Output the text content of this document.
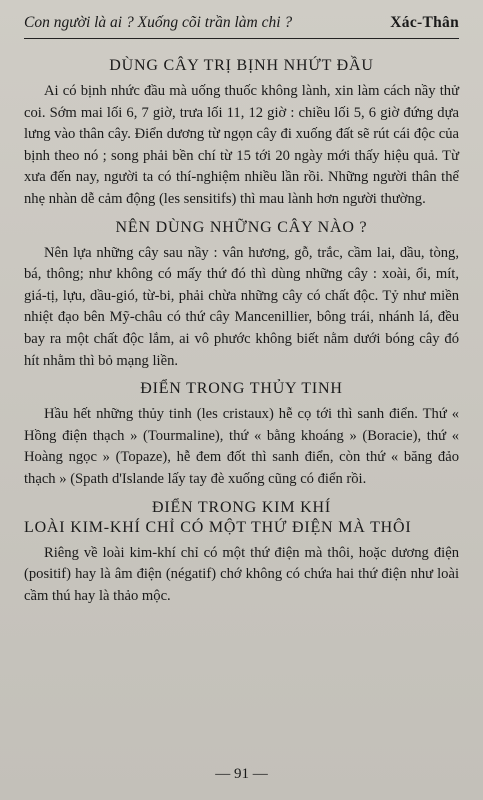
Con người là ai ? Xuống cõi trần làm chi ?	Xác-Thân
DÙNG CÂY TRỊ BỊNH NHỨT ĐẦU

Ai có bịnh nhức đầu mà uống thuốc không lành, xin làm cách nầy thử coi. Sớm mai lối 6, 7 giờ, trưa lối 11, 12 giờ : chiều lối 5, 6 giờ đứng dựa lưng vào thân cây. Điển dương từ ngọn cây đi xuống đất sẽ rút cái độc của bịnh theo nó ; song phải bền chí từ 15 tới 20 ngày mới thấy hiệu quả. Từ xưa đến nay, người ta có thí-nghiệm nhiều lần rồi. Những người thân thể nhẹ nhàn dễ cảm động (les sensitifs) thì mau lành hơn người thường.

NÊN DÙNG NHỮNG CÂY NÀO ?

Nên lựa những cây sau nầy : vân hương, gỗ, trắc, cầm lai, dầu, tòng, bá, thông; như không có mấy thứ đó thì dùng những cây : xoài, ổi, mít, giá-tị, lựu, dầu-gió, từ-bi, phải chừa những cây có chất độc. Tỷ như miền nhiệt đạo bên Mỹ-châu có thứ cây Mancenillier, bông trái, nhánh lá, đều bay ra một chất độc lắm, ai vô phước không biết nằm dưới bóng cây đó hít nhằm thì bỏ mạng liền.

ĐIỂN TRONG THỦY TINH

Hầu hết những thủy tinh (les cristaux) hễ cọ tới thì sanh điển. Thứ « Hồng điện thạch » (Tourmaline), thứ « bằng khoáng » (Boracie), thứ « Hoàng ngọc » (Topaze), hễ đem đốt thì sanh điển, còn thứ « băng đảo thạch » (Spath d'Islande lấy tay đè xuống cũng có điển rồi.

ĐIỂN TRONG KIM KHÍ
LOÀI KIM-KHÍ CHỈ CÓ MỘT THỨ ĐIỆN MÀ THÔI

Riêng về loài kim-khí chỉ có một thứ điện mà thôi, hoặc dương điện (positif) hay là âm điện (négatif) chớ không có chứa hai thứ điện như loài cầm thú hay là thảo mộc.

— 91 —
